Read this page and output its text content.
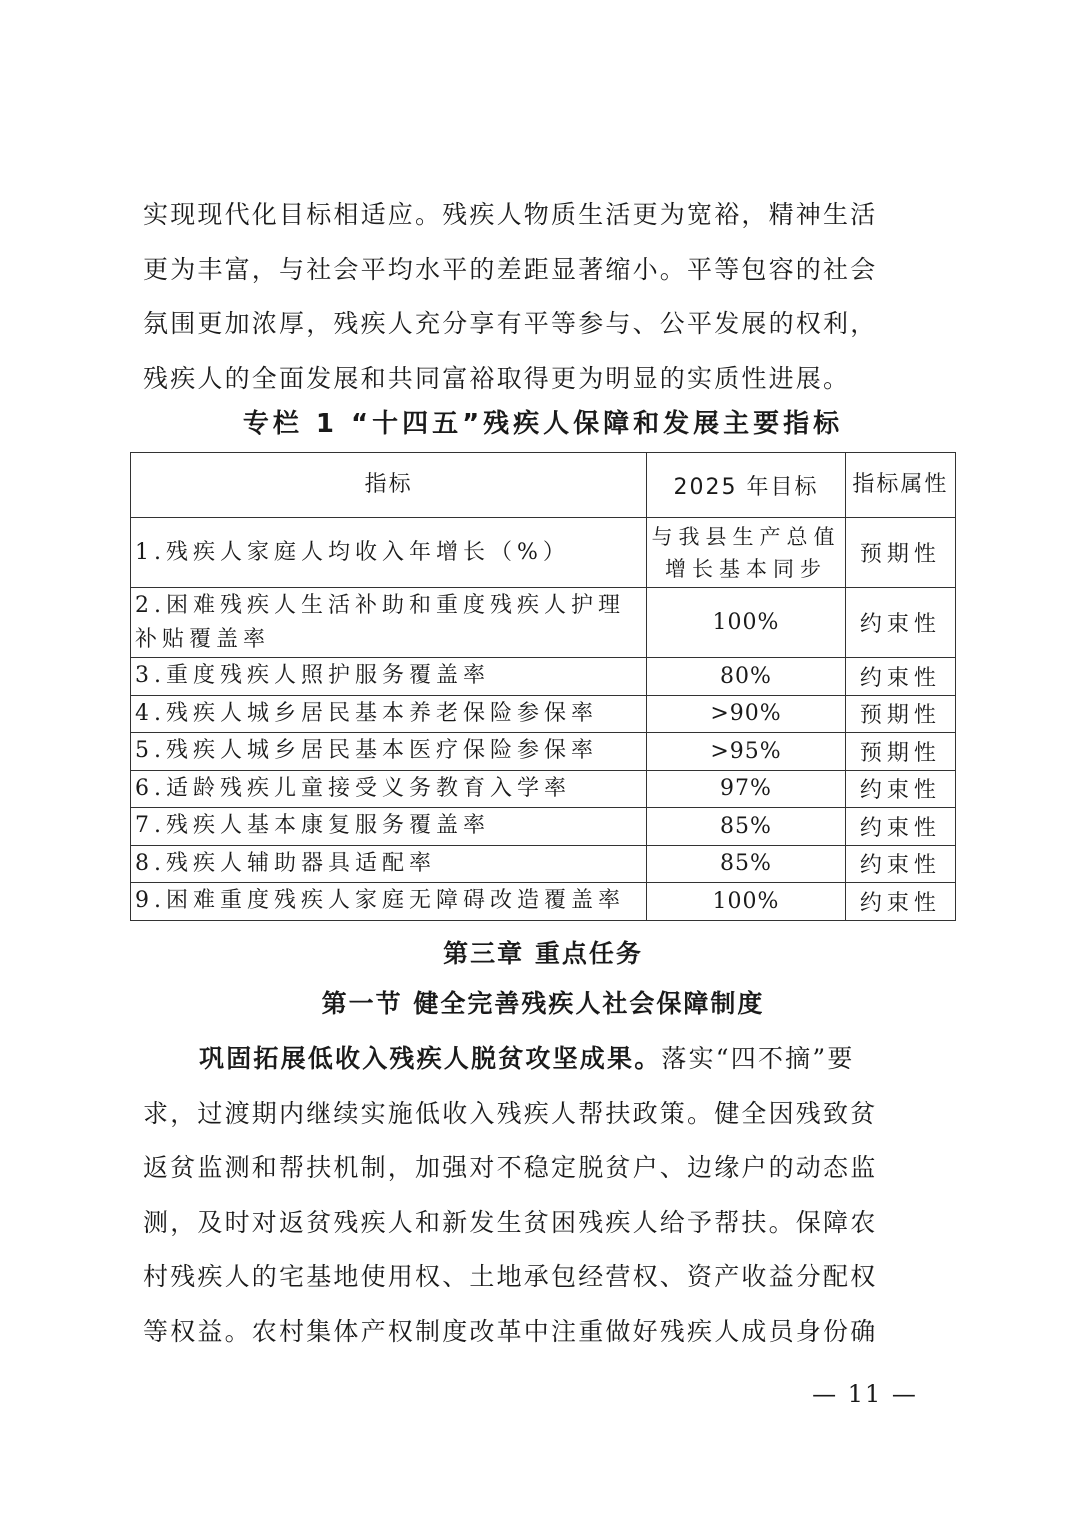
实现现代化目标相适应。残疾人物质生活更为宽裕，精神生活
更为丰富，与社会平均水平的差距显著缩小。平等包容的社会
氛围更加浓厚，残疾人充分享有平等参与、公平发展的权利，
残疾人的全面发展和共同富裕取得更为明显的实质性进展。

专栏 1 “十四五”残疾人保障和发展主要指标
指标	2025 年目标	指标属性
1.残疾人家庭人均收入年增长（%）	与我县生产总值增长基本同步	预期性
2.困难残疾人生活补助和重度残疾人护理补贴覆盖率	100%	约束性
3.重度残疾人照护服务覆盖率	80%	约束性
4.残疾人城乡居民基本养老保险参保率	>90%	预期性
5.残疾人城乡居民基本医疗保险参保率	>95%	预期性
6.适龄残疾儿童接受义务教育入学率	97%	约束性
7.残疾人基本康复服务覆盖率	85%	约束性
8.残疾人辅助器具适配率	85%	约束性
9.困难重度残疾人家庭无障碍改造覆盖率	100%	约束性
第三章 重点任务
第一节 健全完善残疾人社会保障制度

巩固拓展低收入残疾人脱贫攻坚成果。落实“四不摘”要
求，过渡期内继续实施低收入残疾人帮扶政策。健全因残致贫
返贫监测和帮扶机制，加强对不稳定脱贫户、边缘户的动态监
测，及时对返贫残疾人和新发生贫困残疾人给予帮扶。保障农
村残疾人的宅基地使用权、土地承包经营权、资产收益分配权
等权益。农村集体产权制度改革中注重做好残疾人成员身份确

— 11 —
